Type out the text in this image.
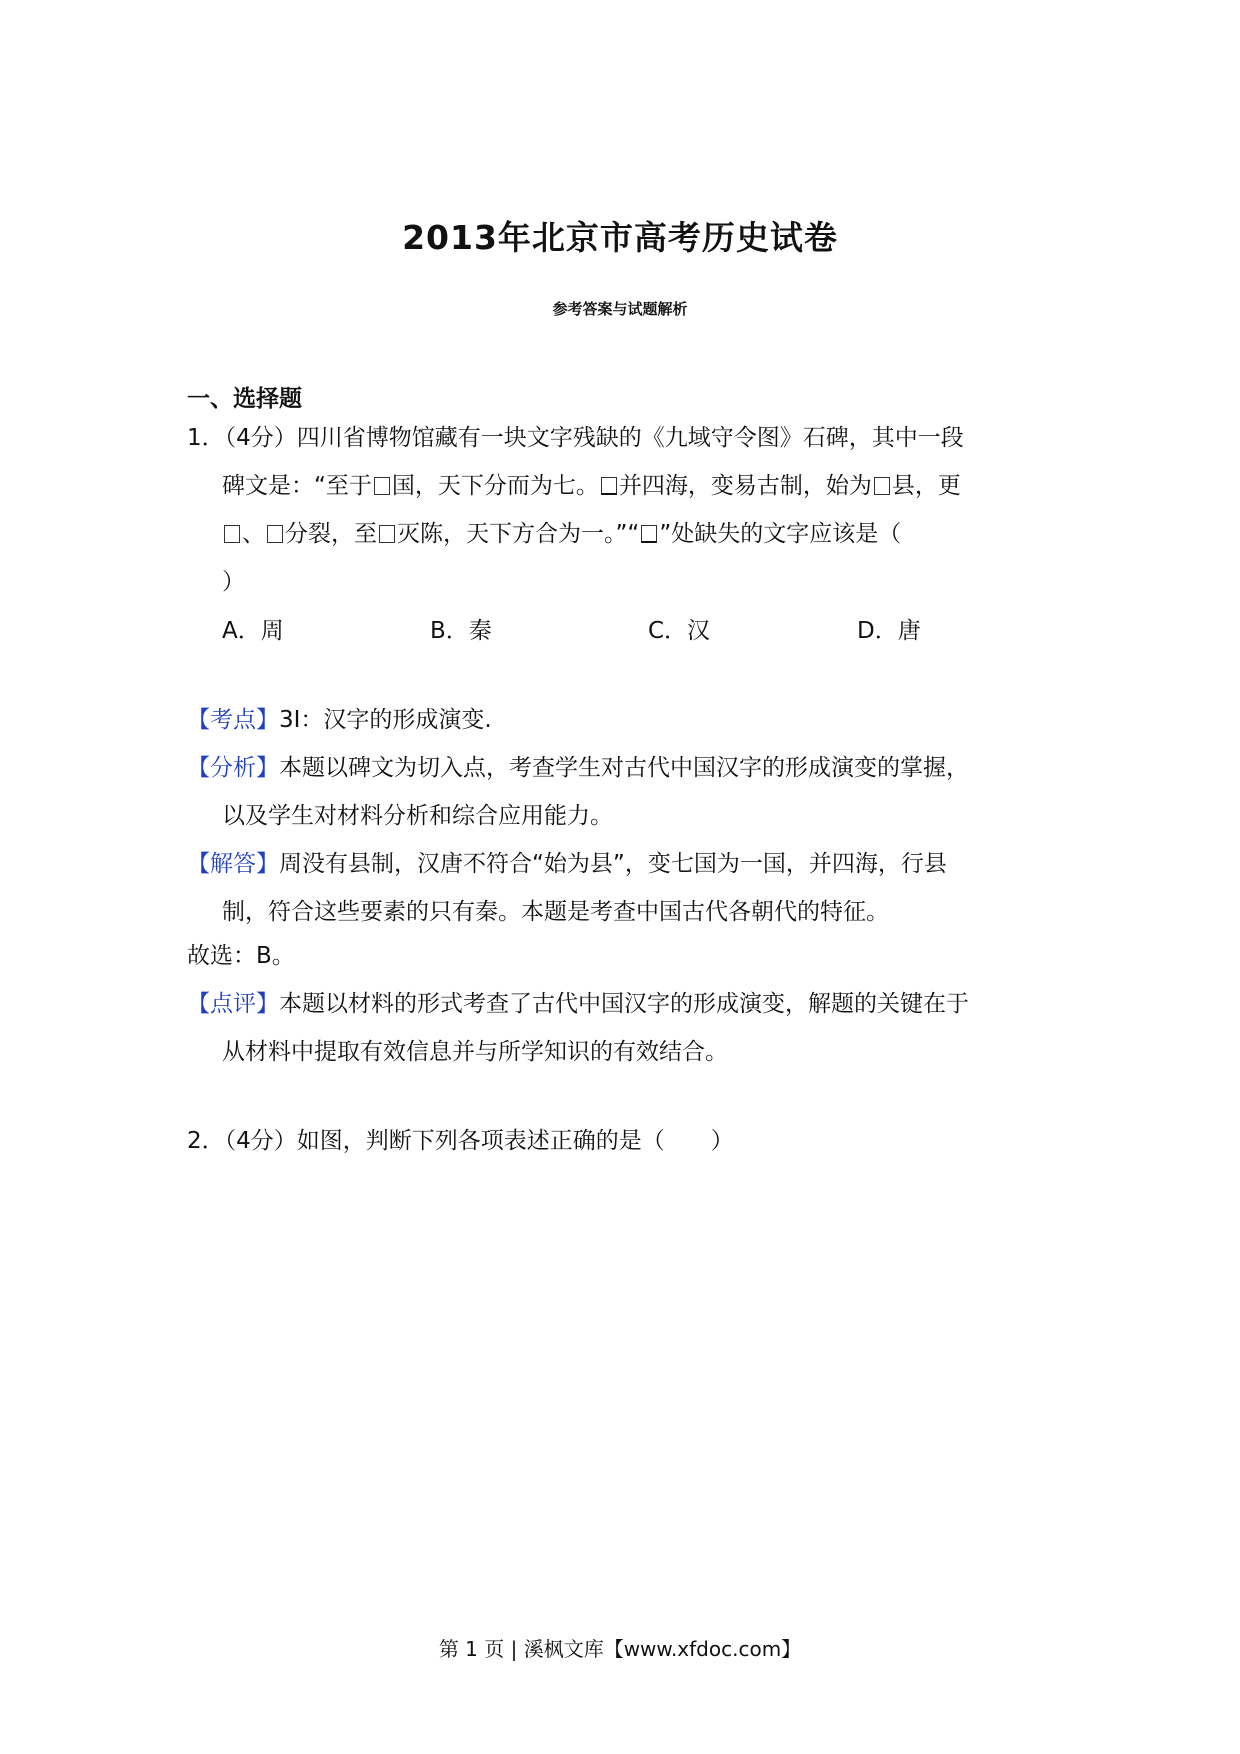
2013年北京市高考历史试卷
参考答案与试题解析
一、选择题
1．（4分）四川省博物馆藏有一块文字残缺的《九域守令图》石碑，其中一段
碑文是：“至于 国，天下分而为七。 并四海，变易古制，始为 县，更
、 分裂，至 灭陈，天下方合为一。”“ ”处缺失的文字应该是（
）
A．周	B．秦	C．汉	D．唐
【考点】3I：汉字的形成演变.
【分析】本题以碑文为切入点，考查学生对古代中国汉字的形成演变的掌握，
以及学生对材料分析和综合应用能力。
【解答】周没有县制，汉唐不符合“始为县”，变七国为一国，并四海，行县
制，符合这些要素的只有秦。本题是考查中国古代各朝代的特征。
故选：B。
【点评】本题以材料的形式考查了古代中国汉字的形成演变，解题的关键在于
从材料中提取有效信息并与所学知识的有效结合。
2．（4分）如图，判断下列各项表述正确的是（　　）
第 1 页 | 溪枫文库【www.xfdoc.com】
